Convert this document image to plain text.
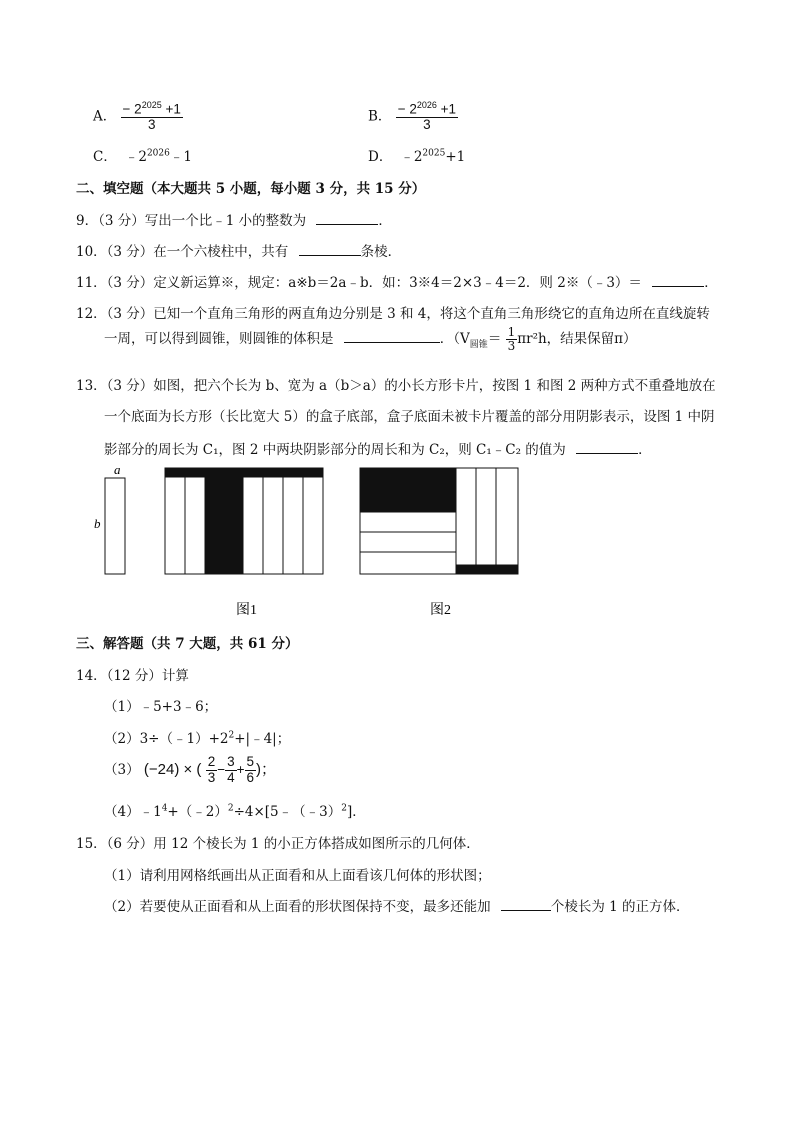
A． $\frac{- 2^{2025} +1}{3}$	B． $\frac{- 2^{2026} +1}{3}$
C． $﹣2^{2026}﹣1$	D． $﹣2^{2025}+1$
二、填空题（本大题共 5 小题，每小题 3 分，共 15 分）
9．（3 分）写出一个比﹣1 小的整数为	．
10．（3 分）在一个六棱柱中，共有	条棱．
11．（3 分）定义新运算※，规定：a※b＝2a﹣b．如：3※4＝2×3﹣4＝2．则 2※（﹣3）＝	．
12．（3 分）已知一个直角三角形的两直角边分别是 3 和 4，将这个直角三角形绕它的直角边所在直线旋转
一周，可以得到圆锥，则圆锥的体积是	．（$V_{圆锥}= \frac{1}{3} \pi r^2h$，结果保留π）
13．（3 分）如图，把六个长为 b、宽为 a（b＞a）的小长方形卡片，按图 1 和图 2 两种方式不重叠地放在
一个底面为长方形（长比宽大 5）的盒子底部，盒子底面未被卡片覆盖的部分用阴影表示，设图 1 中阴
影部分的周长为 C₁，图 2 中两块阴影部分的周长和为 C₂，则 C₁﹣C₂ 的值为	．
a
b
图1	图2
三、解答题（共 7 大题，共 61 分）
14．（12 分）计算
（1）﹣5+3﹣6；
$(2)3\div(﹣1)+2^2+|﹣4|$；
（3） (−24) × ( $\frac{2}{3} - \frac{3}{4} + \frac{5}{6}$ )；
$(4)﹣1^4+(﹣2)^2\div 4\times[5﹣(﹣3)^2]$．
15．（6 分）用 12 个棱长为 1 的小正方体搭成如图所示的几何体．
（1）请利用网格纸画出从正面看和从上面看该几何体的形状图；
（2）若要使从正面看和从上面看的形状图保持不变，最多还能加	个棱长为 1 的正方体．
